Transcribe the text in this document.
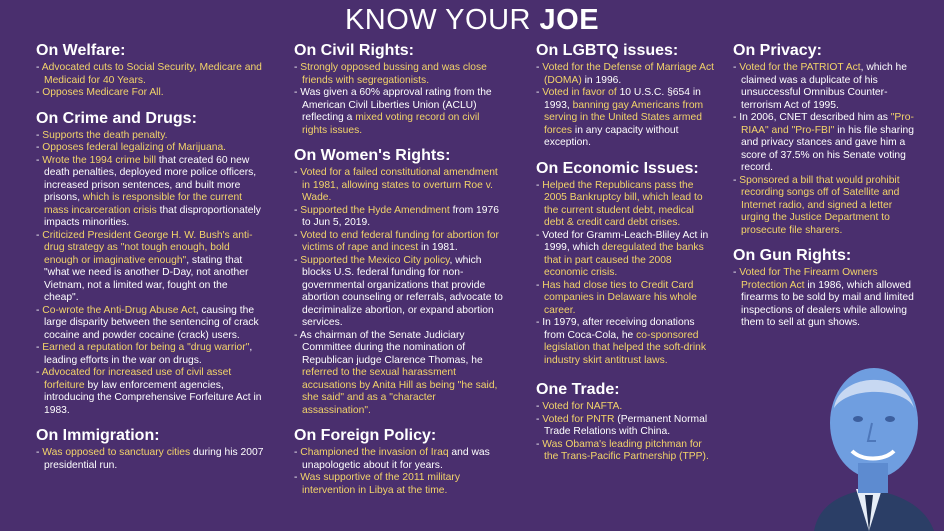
KNOW YOUR JOE
On Welfare:
- Advocated cuts to Social Security, Medicare and Medicaid for 40 Years.
- Opposes Medicare For All.
On Crime and Drugs:
- Supports the death penalty.
- Opposes federal legalizing of Marijuana.
- Wrote the 1994 crime bill that created 60 new death penalties, deployed more police officers, increased prison sentences, and built more prisons, which is responsible for the current mass incarceration crisis that disproportionately impacts minorities.
- Criticized President George H. W. Bush's anti-drug strategy as "not tough enough, bold enough or imaginative enough", stating that "what we need is another D-Day, not another Vietnam, not a limited war, fought on the cheap".
- Co-wrote the Anti-Drug Abuse Act, causing the large disparity between the sentencing of crack cocaine and powder cocaine (crack) users.
- Earned a reputation for being a "drug warrior", leading efforts in the war on drugs.
- Advocated for increased use of civil asset forfeiture by law enforcement agencies, introducing the Comprehensive Forfeiture Act in 1983.
On Immigration:
- Was opposed to sanctuary cities during his 2007 presidential run.
On Civil Rights:
- Strongly opposed bussing and was close friends with segregationists.
- Was given a 60% approval rating from the American Civil Liberties Union (ACLU) reflecting a mixed voting record on civil rights issues.
On Women's Rights:
- Voted for a failed constitutional amendment in 1981, allowing states to overturn Roe v. Wade.
- Supported the Hyde Amendment from 1976 to Jun 5, 2019.
- Voted to end federal funding for abortion for victims of rape and incest in 1981.
- Supported the Mexico City policy, which blocks U.S. federal funding for non-governmental organizations that provide abortion counseling or referrals, advocate to decriminalize abortion, or expand abortion services.
- As chairman of the Senate Judiciary Committee during the nomination of Republican judge Clarence Thomas, he referred to the sexual harassment accusations by Anita Hill as being "he said, she said" and as a "character assassination".
On Foreign Policy:
- Championed the invasion of Iraq and was unapologetic about it for years.
- Was supportive of the 2011 military intervention in Libya at the time.
On LGBTQ issues:
- Voted for the Defense of Marriage Act (DOMA) in 1996.
- Voted in favor of 10 U.S.C. §654 in 1993, banning gay Americans from serving in the United States armed forces in any capacity without exception.
On Economic Issues:
- Helped the Republicans pass the 2005 Bankruptcy bill, which lead to the current student debt, medical debt & credit card debt crises.
- Voted for Gramm-Leach-Bliley Act in 1999, which deregulated the banks that in part caused the 2008 economic crisis.
- Has had close ties to Credit Card companies in Delaware his whole career.
- In 1979, after receiving donations from Coca-Cola, he co-sponsored legislation that helped the soft-drink industry skirt antitrust laws.
One Trade:
- Voted for NAFTA.
- Voted for PNTR (Permanent Normal Trade Relations with China.
- Was Obama's leading pitchman for the Trans-Pacific Partnership (TPP).
On Privacy:
- Voted for the PATRIOT Act, which he claimed was a duplicate of his unsuccessful Omnibus Counter-terrorism Act of 1995.
- In 2006, CNET described him as "Pro-RIAA" and "Pro-FBI" in his file sharing and privacy stances and gave him a score of 37.5% on his Senate voting record.
- Sponsored a bill that would prohibit recording songs off of Satellite and Internet radio, and signed a letter urging the Justice Department to prosecute file sharers.
On Gun Rights:
- Voted for The Firearm Owners Protection Act in 1986, which allowed firearms to be sold by mail and limited inspections of dealers while allowing them to sell at gun shows.
